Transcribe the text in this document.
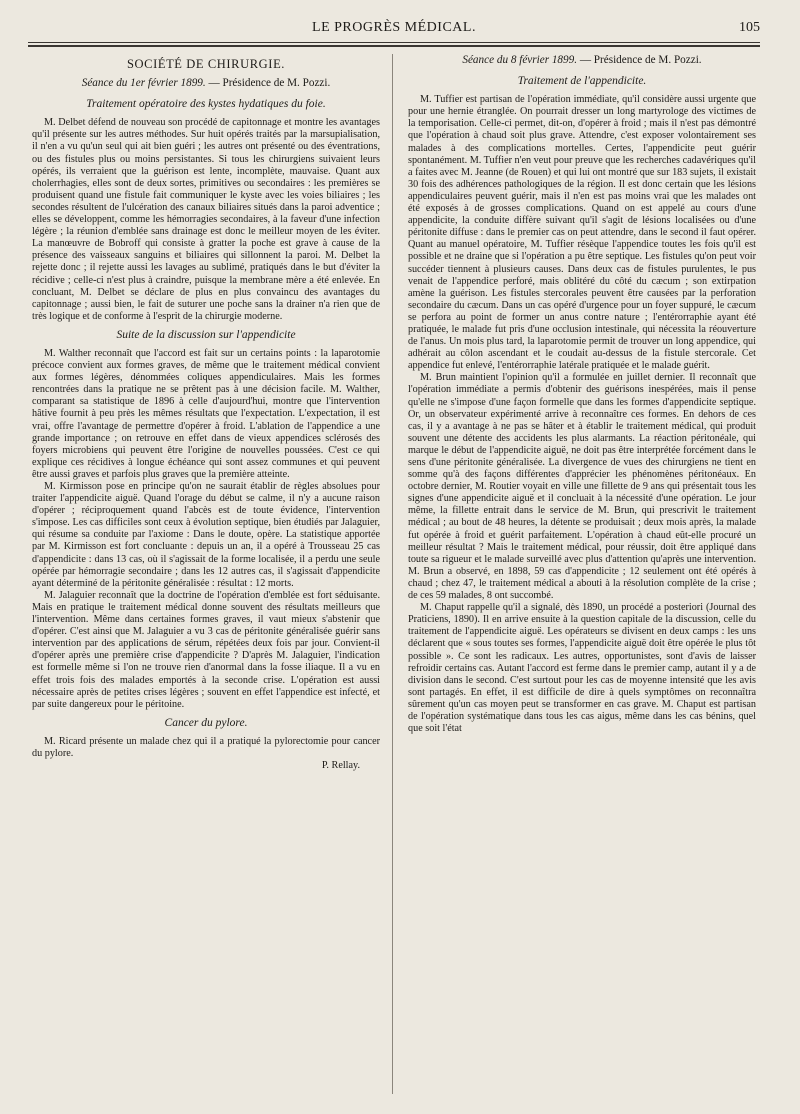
LE PROGRÈS MÉDICAL.	105
SOCIÉTÉ DE CHIRURGIE.
Séance du 1er février 1899. — Présidence de M. Pozzi.
Traitement opératoire des kystes hydatiques du foie.

M. Delbet défend de nouveau son procédé de capitonnage et montre les avantages qu'il présente sur les autres méthodes. Sur huit opérés traités par la marsupialisation, il n'en a vu qu'un seul qui ait bien guéri ; les autres ont présenté ou des éventrations, ou des fistules plus ou moins persistantes. Si tous les chirurgiens suivaient leurs opérés, ils verraient que la guérison est lente, incomplète, mauvaise. Quant aux cholerrhagies, elles sont de deux sortes, primitives ou secondaires : les premières se produisent quand une fistule fait communiquer le kyste avec les voies biliaires ; les secondes résultent de l'ulcération des canaux biliaires situés dans la paroi adventice ; elles se développent, comme les hémorragies secondaires, à la faveur d'une infection légère ; la réunion d'emblée sans drainage est donc le meilleur moyen de les éviter. La manœuvre de Bobroff qui consiste à gratter la poche est grave à cause de la présence des vaisseaux sanguins et biliaires qui sillonnent la paroi. M. Delbet la rejette donc ; il rejette aussi les lavages au sublimé, pratiqués dans le but d'éviter la récidive ; celle-ci n'est plus à craindre, puisque la membrane mère a été enlevée. En concluant, M. Delbet se déclare de plus en plus convaincu des avantages du capitonnage ; aussi bien, le fait de suturer une poche sans la drainer n'a rien que de très logique et de conforme à l'esprit de la chirurgie moderne.

Suite de la discussion sur l'appendicite

M. Walther reconnaît que l'accord est fait sur un certains points : la laparotomie précoce convient aux formes graves, de même que le traitement médical convient aux formes légères, dénommées coliques appendiculaires. Mais les formes rencontrées dans la pratique ne se prêtent pas à une décision facile. M. Walther, comparant sa statistique de 1896 à celle d'aujourd'hui, montre que l'intervention hâtive fournit à peu près les mêmes résultats que l'expectation. L'expectation, il est vrai, offre l'avantage de permettre d'opérer à froid. L'ablation de l'appendice a une grande importance ; on retrouve en effet dans de vieux appendices sclérosés des foyers microbiens qui peuvent être l'origine de nouvelles poussées. C'est ce qui explique ces récidives à longue échéance qui sont assez communes et qui peuvent être aussi graves et parfois plus graves que la première atteinte.

M. Kirmisson pose en principe qu'on ne saurait établir de règles absolues pour traiter l'appendicite aiguë. Quand l'orage du début se calme, il n'y a aucune raison d'opérer ; réciproquement quand l'abcès est de toute évidence, l'intervention s'impose. Les cas difficiles sont ceux à évolution septique, bien étudiés par Jalaguier, qui résume sa conduite par l'axiome : Dans le doute, opère. La statistique apportée par M. Kirmisson est fort concluante : depuis un an, il a opéré à Trousseau 25 cas d'appendicite : dans 13 cas, où il s'agissait de la forme localisée, il a perdu une seule opérée par hémorragie secondaire ; dans les 12 autres cas, il s'agissait d'appendicite ayant déterminé de la péritonite généralisée : résultat : 12 morts.

M. Jalaguier reconnaît que la doctrine de l'opération d'emblée est fort séduisante. Mais en pratique le traitement médical donne souvent des résultats meilleurs que l'intervention. Même dans certaines formes graves, il vaut mieux s'abstenir que d'opérer. C'est ainsi que M. Jalaguier a vu 3 cas de péritonite généralisée guérir sans intervention par des applications de sérum, répétées deux fois par jour. Convient-il d'opérer après une première crise d'appendicite ? D'après M. Jalaguier, l'indication est formelle même si l'on ne trouve rien d'anormal dans la fosse iliaque. Il a vu en effet trois fois des malades emportés à la seconde crise. L'opération est aussi nécessaire après de petites crises légères ; souvent en effet l'appendice est infecté, et par suite dangereux pour le péritoine.

Cancer du pylore.

M. Ricard présente un malade chez qui il a pratiqué la pylorectomie pour cancer du pylore.

P. Rellay.
Séance du 8 février 1899. — Présidence de M. Pozzi.
Traitement de l'appendicite.

M. Tuffier est partisan de l'opération immédiate, qu'il considère aussi urgente que pour une hernie étranglée. On pourrait dresser un long martyrologe des victimes de la temporisation. Celle-ci permet, dit-on, d'opérer à froid ; mais il n'est pas démontré que l'opération à chaud soit plus grave. Attendre, c'est exposer volontairement ses malades à des complications mortelles. Certes, l'appendicite peut guérir spontanément. M. Tuffier n'en veut pour preuve que les recherches cadavériques qu'il a faites avec M. Jeanne (de Rouen) et qui lui ont montré que sur 183 sujets, il existait 30 fois des adhérences pathologiques de la région. Il est donc certain que les lésions appendiculaires peuvent guérir, mais il n'en est pas moins vrai que les malades ont été exposés à de grosses complications. Quand on est appelé au cours d'une appendicite, la conduite diffère suivant qu'il s'agit de lésions localisées ou d'une péritonite diffuse : dans le premier cas on peut attendre, dans le second il faut opérer. Quant au manuel opératoire, M. Tuffier résèque l'appendice toutes les fois qu'il est possible et ne draine que si l'opération a pu être septique. Les fistules qu'on peut voir succéder tiennent à plusieurs causes. Dans deux cas de fistules purulentes, le pus venait de l'appendice perforé, mais oblitéré du côté du cæcum ; son extirpation amène la guérison. Les fistules stercorales peuvent être causées par la perforation secondaire du cæcum. Dans un cas opéré d'urgence pour un foyer suppuré, le cæcum se perfora au point de former un anus contre nature ; l'entérorraphie ayant été pratiquée, le malade fut pris d'une occlusion intestinale, qui nécessita la réouverture de l'anus. Un mois plus tard, la laparotomie permit de trouver un long appendice, qui adhérait au côlon ascendant et le coudait au-dessus de la fistule stercorale. Cet appendice fut enlevé, l'entérorraphie latérale pratiquée et le malade guérit.

M. Brun maintient l'opinion qu'il a formulée en juillet dernier. Il reconnaît que l'opération immédiate a permis d'obtenir des guérisons inespérées, mais il pense qu'elle ne s'impose d'une façon formelle que dans les formes d'appendicite septique. Or, un observateur expérimenté arrive à reconnaître ces formes. En dehors de ces cas, il y a avantage à ne pas se hâter et à établir le traitement médical, qui produit souvent une détente des accidents les plus alarmants. La réaction péritonéale, qui marque le début de l'appendicite aiguë, ne doit pas être interprétée forcément dans le sens d'une péritonite généralisée. La divergence de vues des chirurgiens ne tient en somme qu'à des façons différentes d'apprécier les phénomènes péritonéaux. En octobre dernier, M. Routier voyait en ville une fillette de 9 ans qui présentait tous les signes d'une appendicite aiguë et il concluait à la nécessité d'une opération. Le jour même, la fillette entrait dans le service de M. Brun, qui prescrivit le traitement médical ; au bout de 48 heures, la détente se produisait ; deux mois après, la malade fut opérée à froid et guérit parfaitement. L'opération à chaud eût-elle procuré un meilleur résultat ? Mais le traitement médical, pour réussir, doit être appliqué dans toute sa rigueur et le malade surveillé avec plus d'attention qu'après une intervention. M. Brun a observé, en 1898, 59 cas d'appendicite ; 12 seulement ont été opérés à chaud ; chez 47, le traitement médical a abouti à la résolution complète de la crise ; de ces 59 malades, 8 ont succombé.

M. Chaput rappelle qu'il a signalé, dès 1890, un procédé a posteriori (Journal des Praticiens, 1890). Il en arrive ensuite à la question capitale de la discussion, celle du traitement de l'appendicite aiguë. Les opérateurs se divisent en deux camps : les uns déclarent que « sous toutes ses formes, l'appendicite aiguë doit être opérée le plus tôt possible ». Ce sont les radicaux. Les autres, opportunistes, sont d'avis de laisser refroidir certains cas. Autant l'accord est ferme dans le premier camp, autant il y a de division dans le second. C'est surtout pour les cas de moyenne intensité que les avis sont partagés. En effet, il est difficile de dire à quels symptômes on reconnaîtra sûrement qu'un cas moyen peut se transformer en cas grave. M. Chaput est partisan de l'opération systématique dans tous les cas aigus, même dans les cas bénins, quel que soit l'état
